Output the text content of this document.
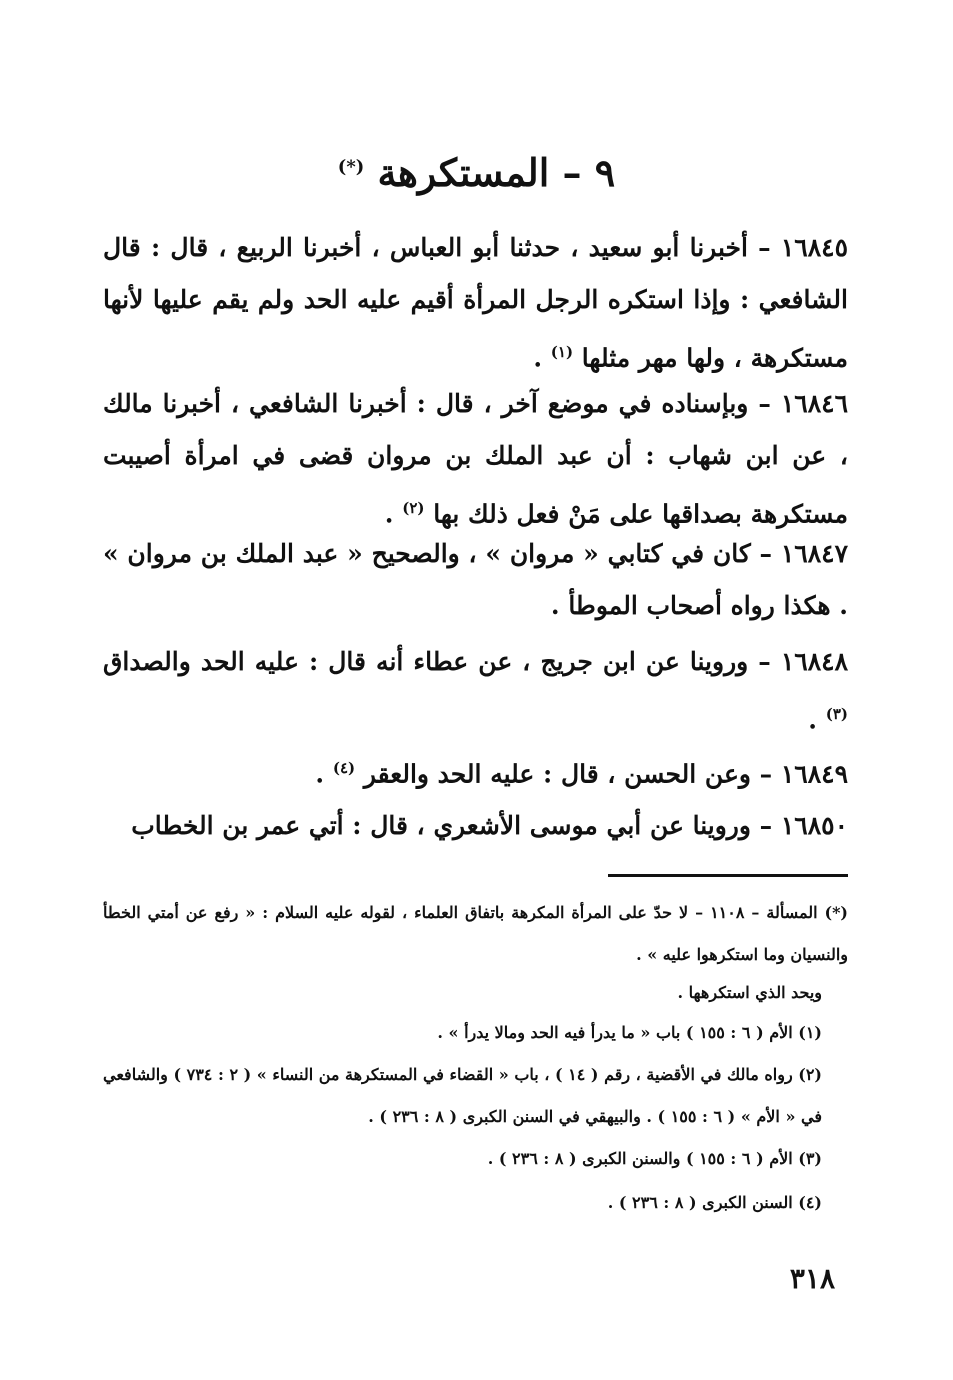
٩ – المستكرهة (*)
١٦٨٤٥ – أخبرنا أبو سعيد ، حدثنا أبو العباس ، أخبرنا الربيع ، قال : قال الشافعي : وإذا استكره الرجل المرأة أقيم عليه الحد ولم يقم عليها لأنها مستكرهة ، ولها مهر مثلها $^{(١)}$ .
١٦٨٤٦ – وبإسناده في موضع آخر ، قال : أخبرنا الشافعي ، أخبرنا مالك ، عن ابن شهاب : أن عبد الملك بن مروان قضى في امرأة أصيبت مستكرهة بصداقها على مَنْ فعل ذلك بها $^{(٢)}$ .
١٦٨٤٧ – كان في كتابي « مروان » ، والصحيح « عبد الملك بن مروان » . هكذا رواه أصحاب الموطأ .
١٦٨٤٨ – وروينا عن ابن جريج ، عن عطاء أنه قال : عليه الحد والصداق $^{(٣)}$ .
١٦٨٤٩ – وعن الحسن ، قال : عليه الحد والعقر $^{(٤)}$ .
١٦٨٥٠ – وروينا عن أبي موسى الأشعري ، قال : أتي عمر بن الخطاب
(*) المسألة – ١١٠٨ – لا حدّ على المرأة المكرهة باتفاق العلماء ، لقوله عليه السلام : « رفع عن أمتي الخطأ والنسيان وما استكرهوا عليه » .
ويحد الذي استكرهها .
(١) الأم ( ٦ : ١٥٥ ) باب « ما يدرأ فيه الحد ومالا يدرأ » .
(٢) رواه مالك في الأقضية ، رقم ( ١٤ ) ، باب « القضاء في المستكرهة من النساء » ( ٢ : ٧٣٤ ) والشافعي في « الأم » ( ٦ : ١٥٥ ) . والبيهقي في السنن الكبرى ( ٨ : ٢٣٦ ) .
(٣) الأم ( ٦ : ١٥٥ ) والسنن الكبرى ( ٨ : ٢٣٦ ) .
(٤) السنن الكبرى ( ٨ : ٢٣٦ ) .
٣١٨
